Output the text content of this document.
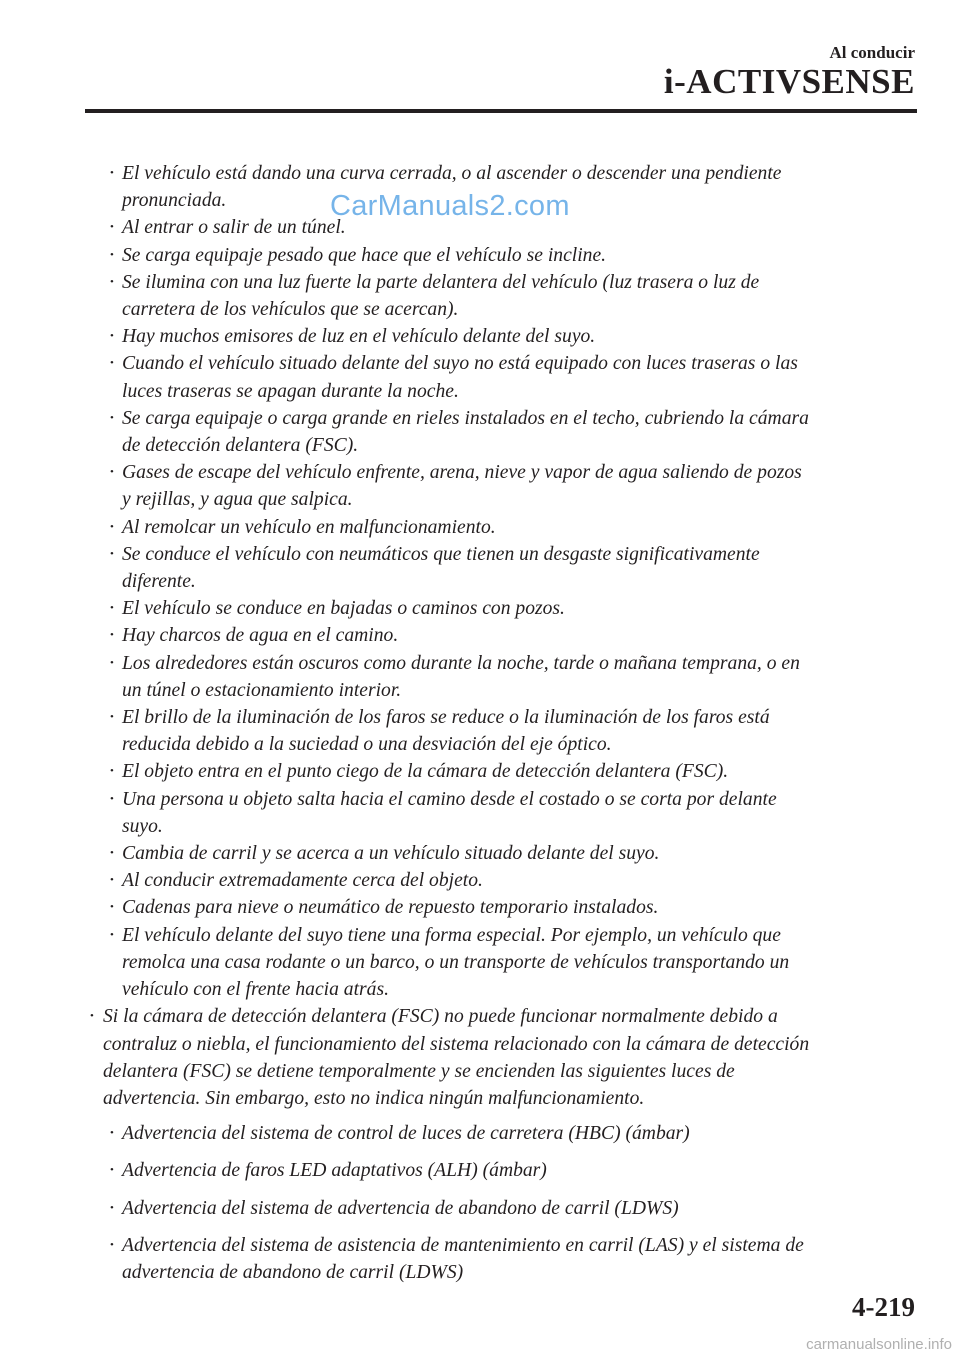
Al conducir
i-ACTIVSENSE
• El vehículo está dando una curva cerrada, o al ascender o descender una pendiente
pronunciada.
• Al entrar o salir de un túnel.
• Se carga equipaje pesado que hace que el vehículo se incline.
• Se ilumina con una luz fuerte la parte delantera del vehículo (luz trasera o luz de
carretera de los vehículos que se acercan).
• Hay muchos emisores de luz en el vehículo delante del suyo.
• Cuando el vehículo situado delante del suyo no está equipado con luces traseras o las
luces traseras se apagan durante la noche.
• Se carga equipaje o carga grande en rieles instalados en el techo, cubriendo la cámara
de detección delantera (FSC).
• Gases de escape del vehículo enfrente, arena, nieve y vapor de agua saliendo de pozos
y rejillas, y agua que salpica.
• Al remolcar un vehículo en malfuncionamiento.
• Se conduce el vehículo con neumáticos que tienen un desgaste significativamente
diferente.
• El vehículo se conduce en bajadas o caminos con pozos.
• Hay charcos de agua en el camino.
• Los alrededores están oscuros como durante la noche, tarde o mañana temprana, o en
un túnel o estacionamiento interior.
• El brillo de la iluminación de los faros se reduce o la iluminación de los faros está
reducida debido a la suciedad o una desviación del eje óptico.
• El objeto entra en el punto ciego de la cámara de detección delantera (FSC).
• Una persona u objeto salta hacia el camino desde el costado o se corta por delante
suyo.
• Cambia de carril y se acerca a un vehículo situado delante del suyo.
• Al conducir extremadamente cerca del objeto.
• Cadenas para nieve o neumático de repuesto temporario instalados.
• El vehículo delante del suyo tiene una forma especial. Por ejemplo, un vehículo que
remolca una casa rodante o un barco, o un transporte de vehículos transportando un
vehículo con el frente hacia atrás.
• Si la cámara de detección delantera (FSC) no puede funcionar normalmente debido a
contraluz o niebla, el funcionamiento del sistema relacionado con la cámara de detección
delantera (FSC) se detiene temporalmente y se encienden las siguientes luces de
advertencia. Sin embargo, esto no indica ningún malfuncionamiento.
• Advertencia del sistema de control de luces de carretera (HBC) (ámbar)
• Advertencia de faros LED adaptativos (ALH) (ámbar)
• Advertencia del sistema de advertencia de abandono de carril (LDWS)
• Advertencia del sistema de asistencia de mantenimiento en carril (LAS) y el sistema de
advertencia de abandono de carril (LDWS)
CarManuals2.com
4-219
carmanualsonline.info
